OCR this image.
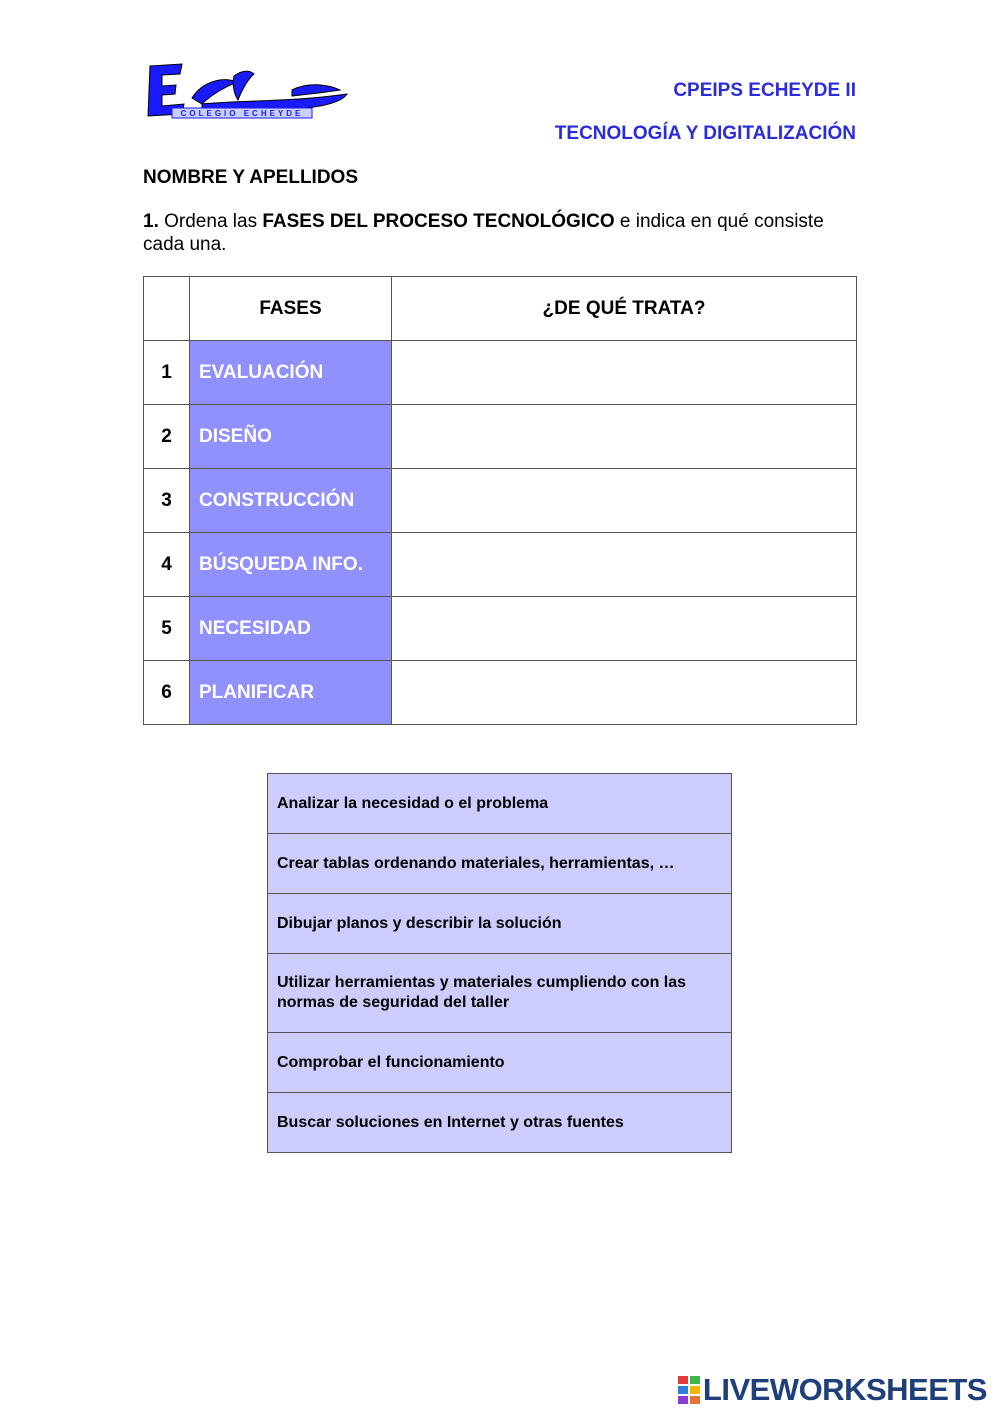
COLEGIO ECHEYDE
CPEIPS ECHEYDE II
TECNOLOGÍA Y DIGITALIZACIÓN
NOMBRE Y APELLIDOS
1. Ordena las FASES DEL PROCESO TECNOLÓGICO e indica en qué consiste cada una.
	FASES	¿DE QUÉ TRATA?
1	EVALUACIÓN	
2	DISEÑO	
3	CONSTRUCCIÓN	
4	BÚSQUEDA INFO.	
5	NECESIDAD	
6	PLANIFICAR	
Analizar la necesidad o el problema
Crear tablas ordenando materiales, herramientas, …
Dibujar planos y describir la solución
Utilizar herramientas y materiales cumpliendo con las normas de seguridad del taller
Comprobar el funcionamiento
Buscar soluciones en Internet y otras fuentes
LIVEWORKSHEETS
